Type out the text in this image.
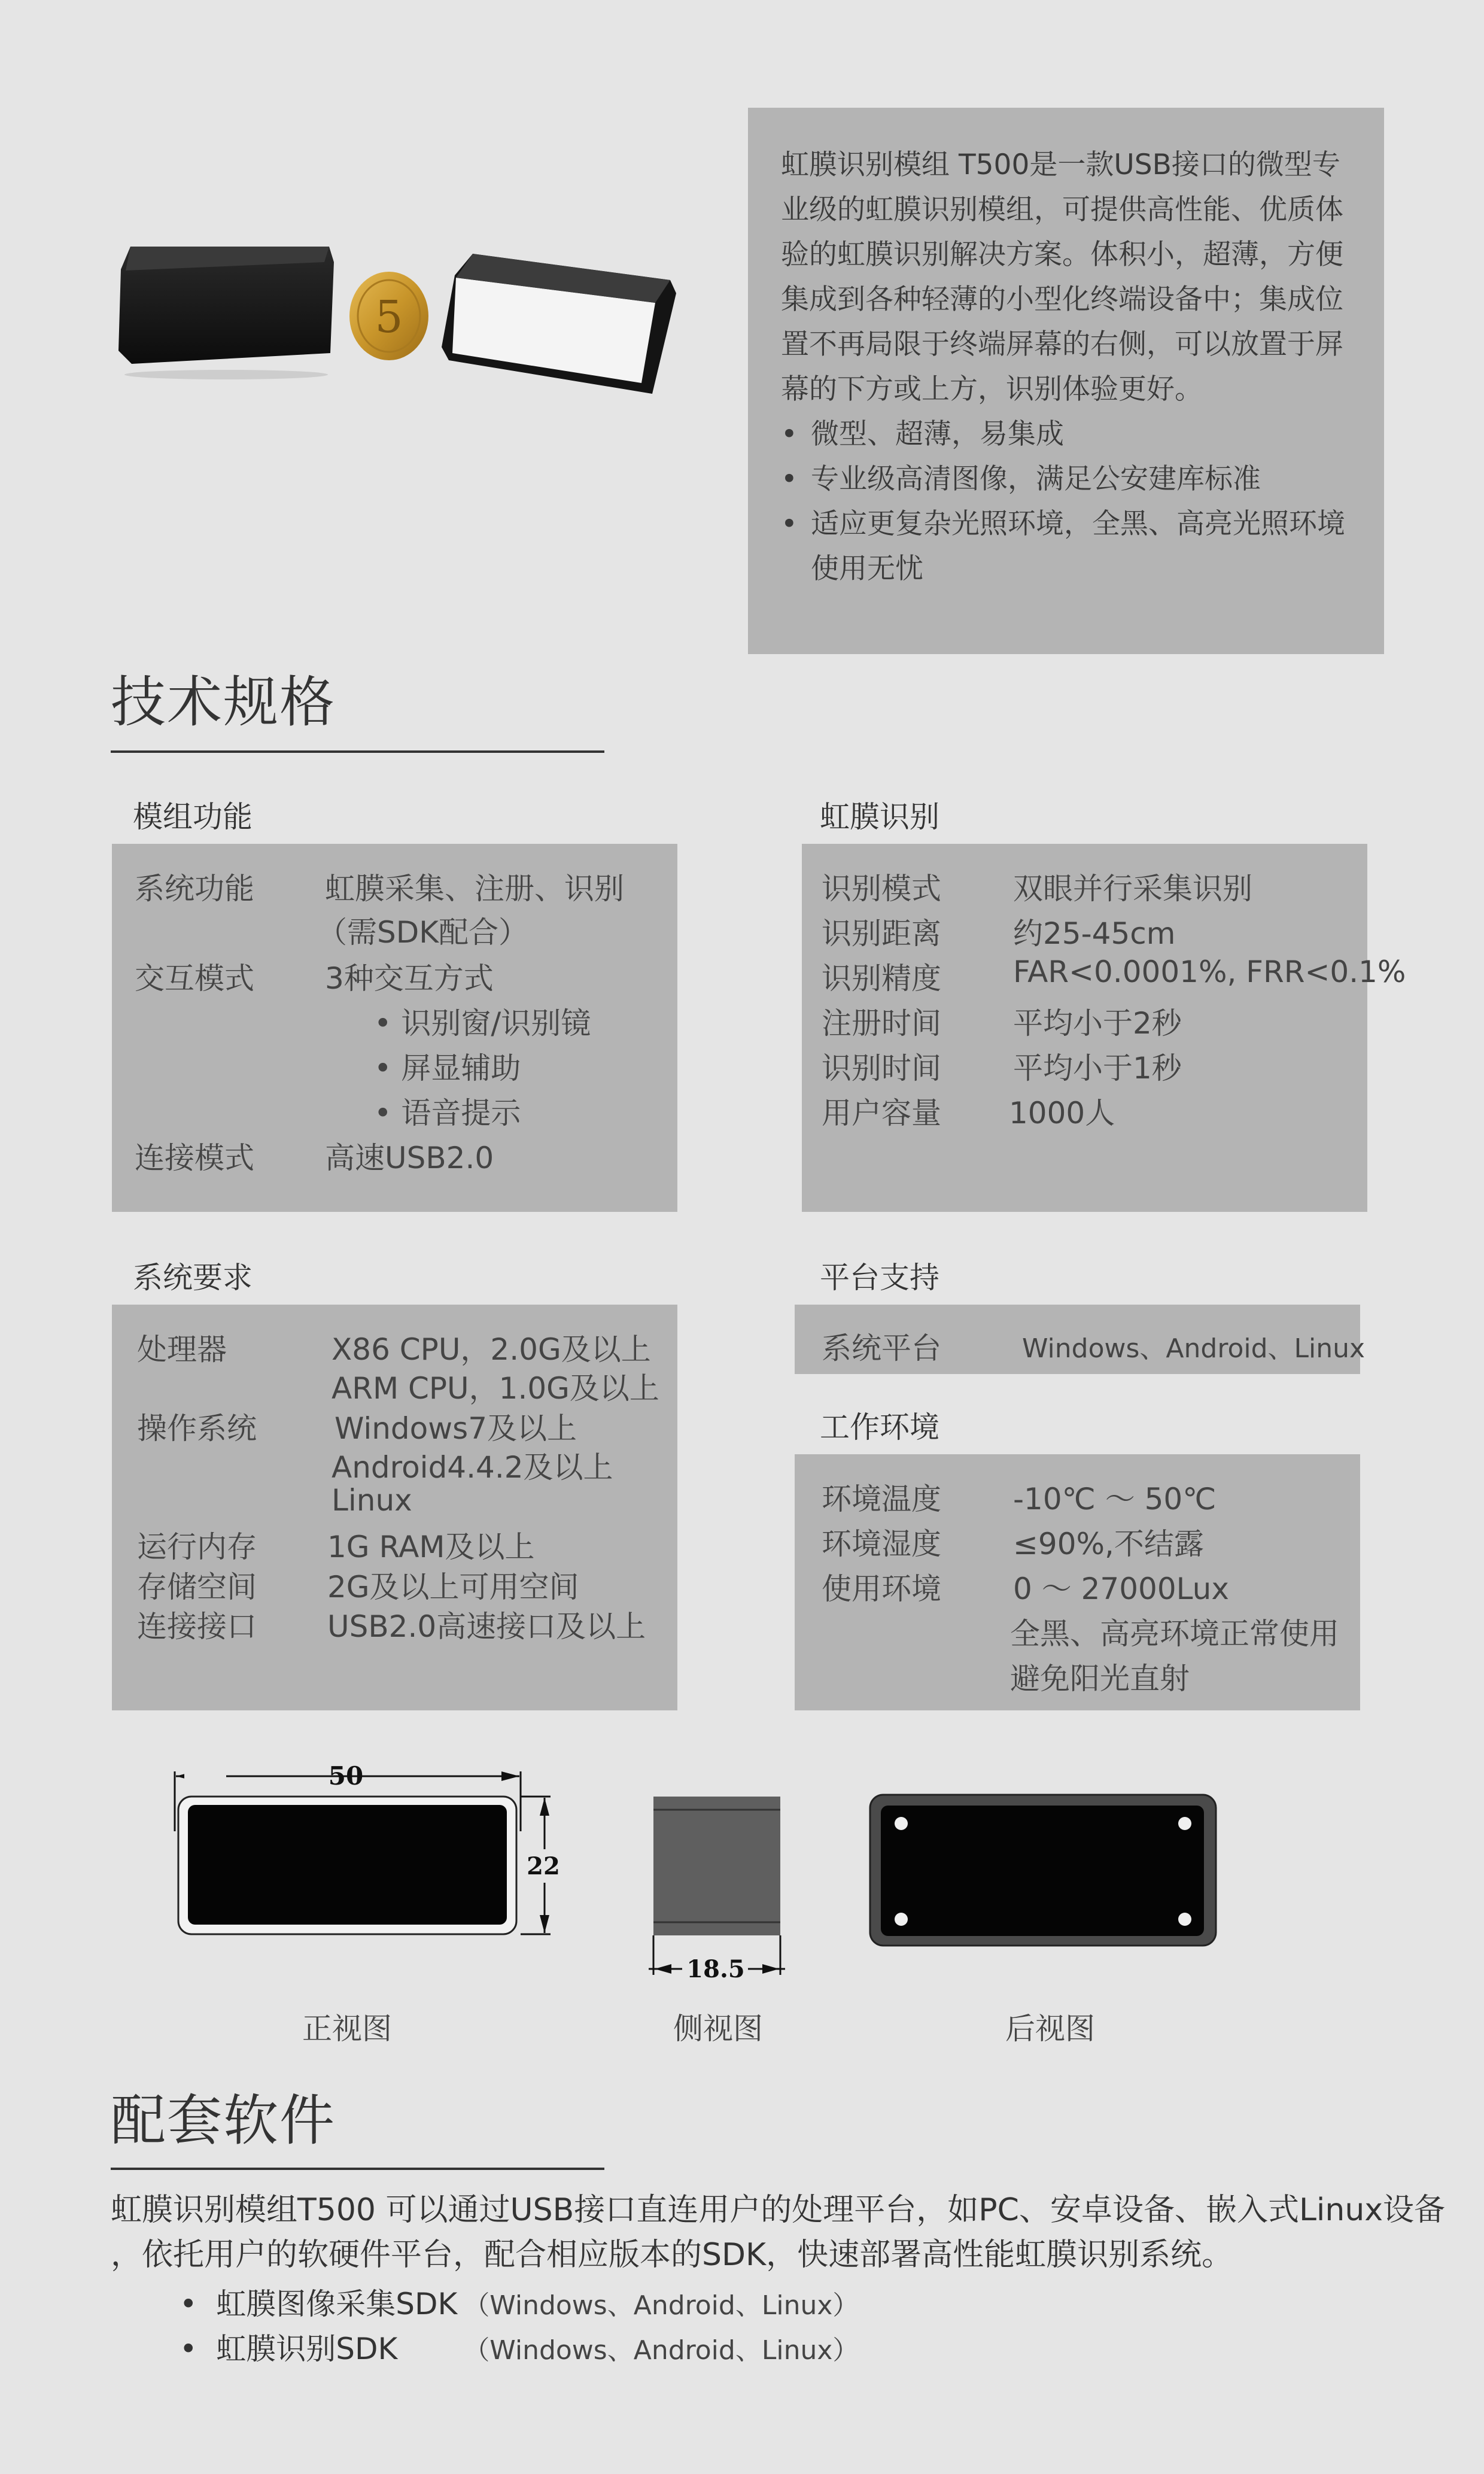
5
虹膜识别模组 T500是一款USB接口的微型专业级的虹膜识别模组，可提供高性能、优质体验的虹膜识别解决方案。体积小，超薄，方便集成到各种轻薄的小型化终端设备中；集成位置不再局限于终端屏幕的右侧，可以放置于屏幕的下方或上方，识别体验更好。
• 微型、超薄，易集成
• 专业级高清图像，满足公安建库标准
• 适应更复杂光照环境，全黑、高亮光照环境使用无忧
技术规格
模组功能
系统功能 虹膜采集、注册、识别
（需SDK配合）
交互模式 3种交互方式
• 识别窗/识别镜
• 屏显辅助
• 语音提示
连接模式 高速USB2.0
虹膜识别
识别模式 双眼并行采集识别
识别距离 约25-45cm
识别精度 FAR<0.0001%, FRR<0.1%
注册时间 平均小于2秒
识别时间 平均小于1秒
用户容量 1000人
系统要求
处理器	X86 CPU，2.0G及以上
ARM CPU，1.0G及以上
操作系统	Windows7及以上
Android4.4.2及以上
Linux
运行内存 1G RAM及以上
存储空间 2G及以上可用空间
连接接口 USB2.0高速接口及以上
平台支持
系统平台	Windows、Android、Linux
工作环境
环境温度 -10℃ ～ 50℃
环境湿度 ≤90%,不结露
使用环境 0 ～ 27000Lux
全黑、高亮环境正常使用
避免阳光直射
50
22
正视图
18.5
侧视图	后视图
配套软件
虹膜识别模组T500 可以通过USB接口直连用户的处理平台，如PC、安卓设备、嵌入式Linux设备
，依托用户的软硬件平台，配合相应版本的SDK，快速部署高性能虹膜识别系统。
•  虹膜图像采集SDK （Windows、Android、Linux）
•  虹膜识别SDK	（Windows、Android、Linux）
